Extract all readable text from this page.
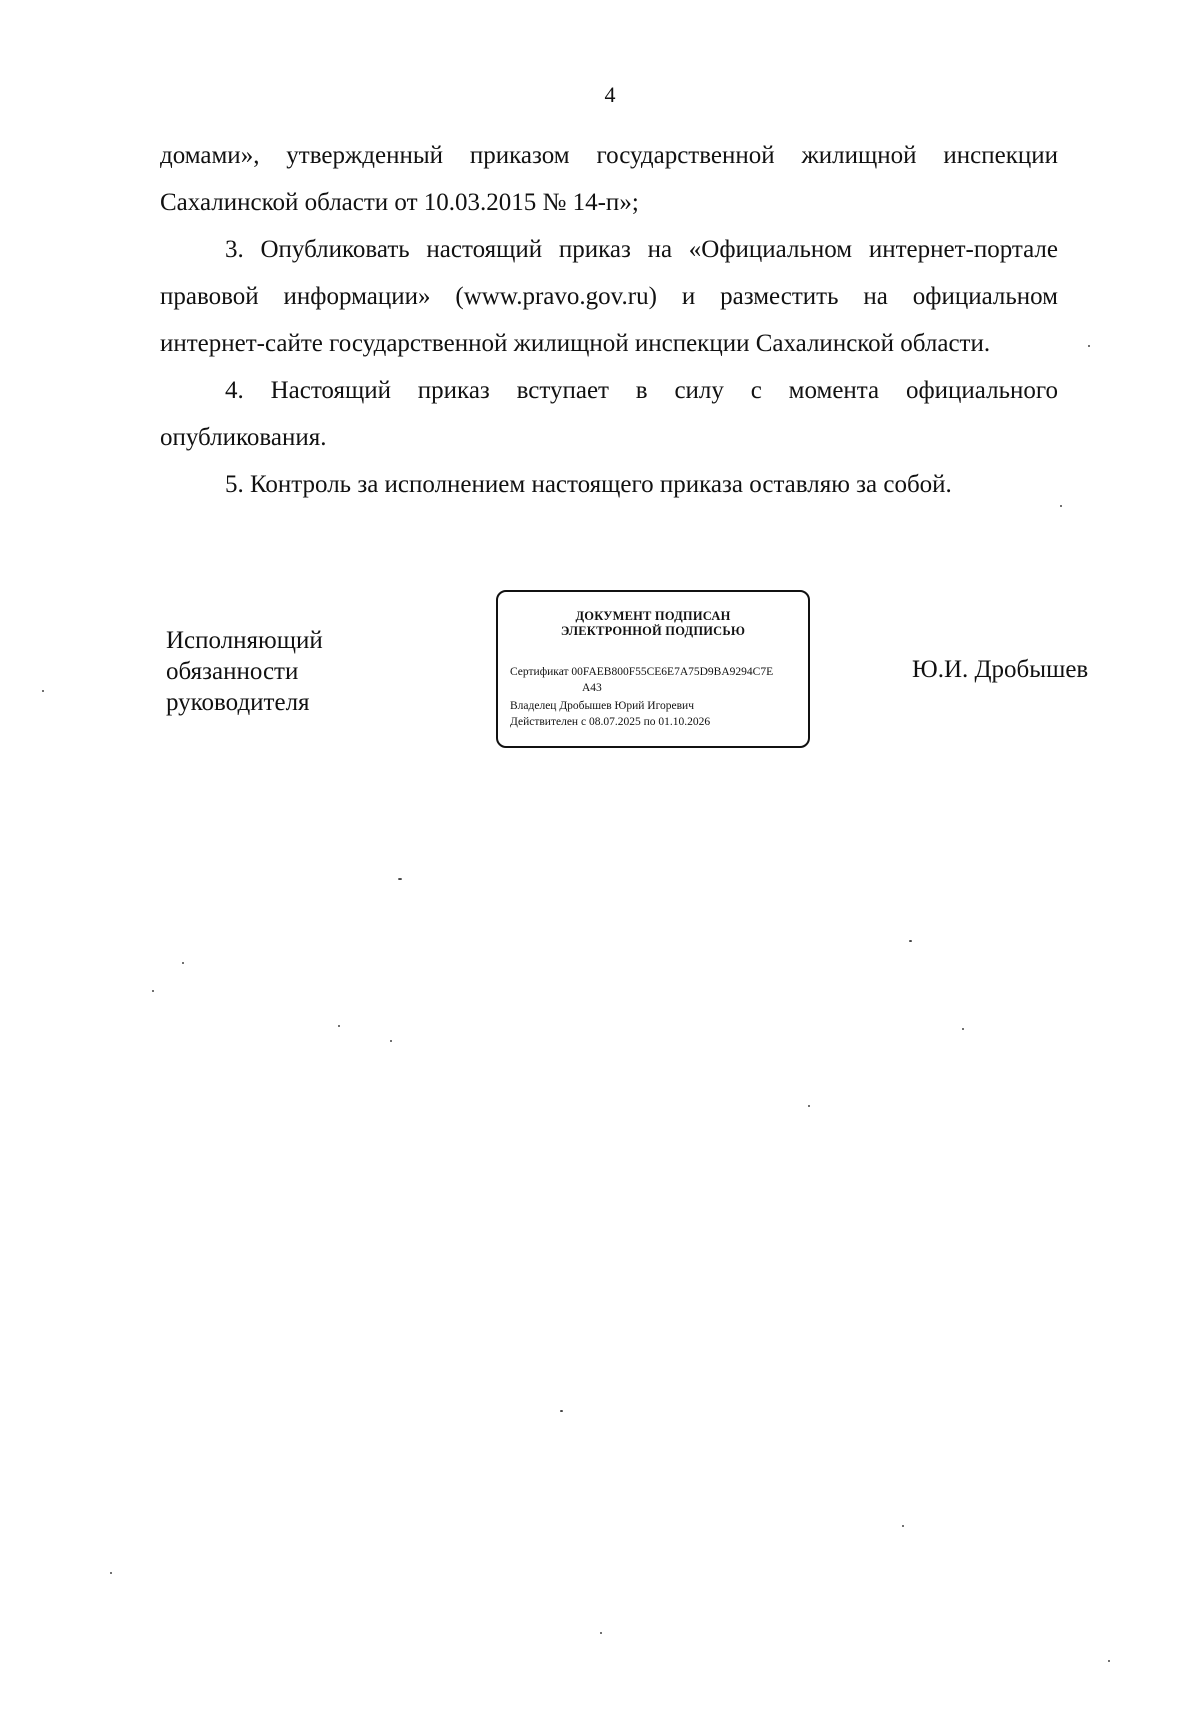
4

домами», утвержденный приказом государственной жилищной инспекции Сахалинской области от 10.03.2015 № 14-п»;

3. Опубликовать настоящий приказ на «Официальном интернет-портале

правовой информации» (www.pravo.gov.ru) и разместить на официальном

интернет-сайте государственной жилищной инспекции Сахалинской области.

4. Настоящий приказ вступает в силу с момента официального опубликования.

5. Контроль за исполнением настоящего приказа оставляю за собой.

Исполняющий
обязанности
руководителя
ДОКУМЕНТ ПОДПИСАН
ЭЛЕКТРОННОЙ ПОДПИСЬЮ
Сертификат 00FAEB800F55CE6E7A75D9BA9294C7E
A43
Владелец Дробышев Юрий Игоревич
Действителен с 08.07.2025 по 01.10.2026
Ю.И. Дробышев
